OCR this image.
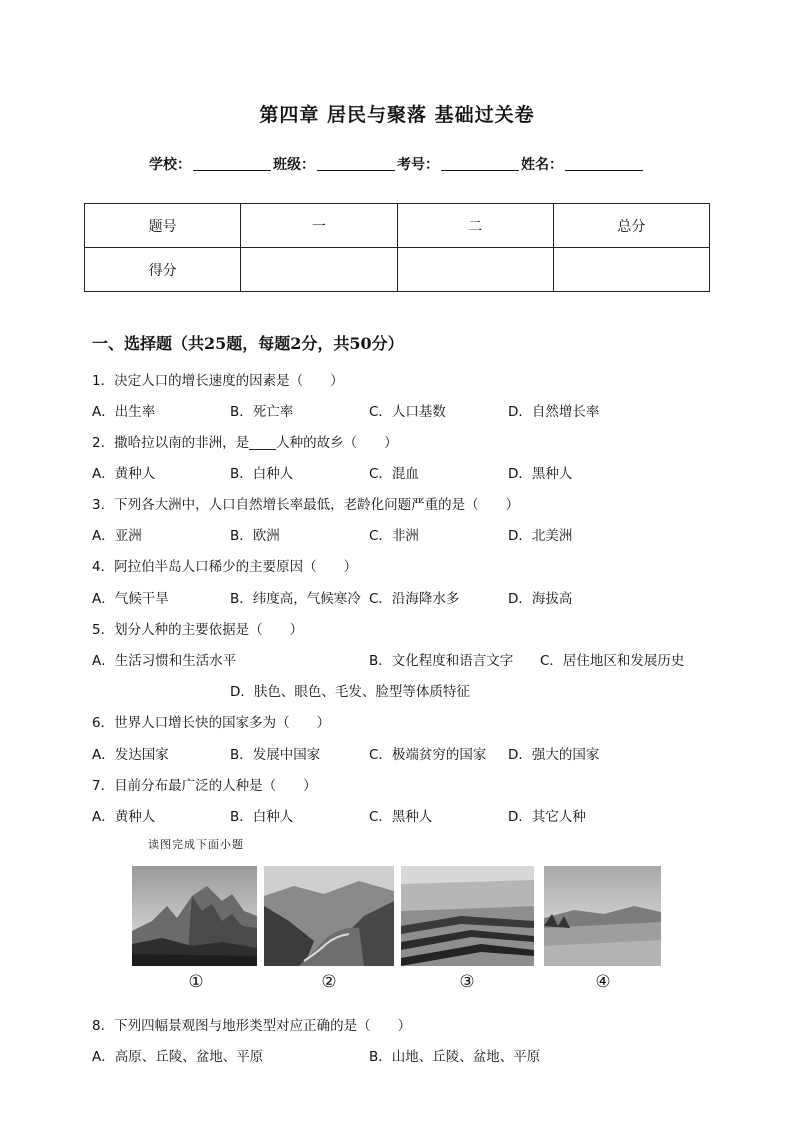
第四章 居民与聚落 基础过关卷
学校：	班级：	考号：	姓名：
题号	一	二	总分
得分			
一、选择题（共25题，每题2分，共50分）
1．决定人口的增长速度的因素是（　　）
A．出生率	B．死亡率	C．人口基数	D．自然增长率
2．撒哈拉以南的非洲，是____人种的故乡（　　）
A．黄种人	B．白种人	C．混血	D．黑种人
3．下列各大洲中，人口自然增长率最低，老龄化问题严重的是（　　）
A．亚洲	B．欧洲	C．非洲	D．北美洲
4．阿拉伯半岛人口稀少的主要原因（　　）
A．气候干旱	B．纬度高，气候寒冷 C．沿海降水多	D．海拔高
5．划分人种的主要依据是（　　）
A．生活习惯和生活水平	B．文化程度和语言文字 C．居住地区和发展历史
D．肤色、眼色、毛发、脸型等体质特征
6．世界人口增长快的国家多为（　　）
A．发达国家	B．发展中国家	C．极端贫穷的国家 D．强大的国家
7．目前分布最广泛的人种是（　　）
A．黄种人	B．白种人	C．黑种人	D．其它人种
读图完成下面小题
①	②	③	④
8．下列四幅景观图与地形类型对应正确的是（　　）
A．高原、丘陵、盆地、平原	B．山地、丘陵、盆地、平原
